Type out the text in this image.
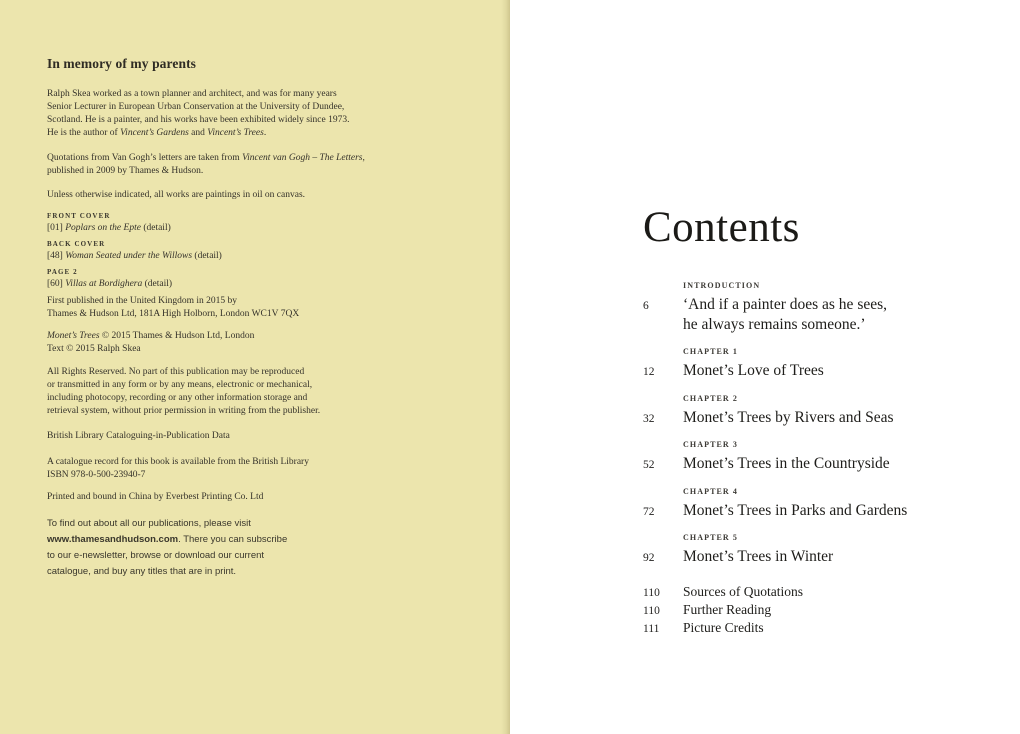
In memory of my parents
Ralph Skea worked as a town planner and architect, and was for many years
Senior Lecturer in European Urban Conservation at the University of Dundee,
Scotland. He is a painter, and his works have been exhibited widely since 1973.
He is the author of Vincent’s Gardens and Vincent’s Trees.
Quotations from Van Gogh’s letters are taken from Vincent van Gogh – The Letters,
published in 2009 by Thames & Hudson.
Unless otherwise indicated, all works are paintings in oil on canvas.
FRONT COVER
[01] Poplars on the Epte (detail)
BACK COVER
[48] Woman Seated under the Willows (detail)
PAGE 2
[60] Villas at Bordighera (detail)
First published in the United Kingdom in 2015 by
Thames & Hudson Ltd, 181A High Holborn, London WC1V 7QX
Monet’s Trees © 2015 Thames & Hudson Ltd, London
Text © 2015 Ralph Skea
All Rights Reserved. No part of this publication may be reproduced
or transmitted in any form or by any means, electronic or mechanical,
including photocopy, recording or any other information storage and
retrieval system, without prior permission in writing from the publisher.
British Library Cataloguing-in-Publication Data
A catalogue record for this book is available from the British Library
ISBN 978-0-500-23940-7
Printed and bound in China by Everbest Printing Co. Ltd
To find out about all our publications, please visit
www.thamesandhudson.com. There you can subscribe
to our e-newsletter, browse or download our current
catalogue, and buy any titles that are in print.
Contents
INTRODUCTION
6	‘And if a painter does as he sees,
he always remains someone.’
CHAPTER 1
12	Monet’s Love of Trees
CHAPTER 2
32	Monet’s Trees by Rivers and Seas
CHAPTER 3
52	Monet’s Trees in the Countryside
CHAPTER 4
72	Monet’s Trees in Parks and Gardens
CHAPTER 5
92	Monet’s Trees in Winter
110	Sources of Quotations
110	Further Reading
111	Picture Credits
